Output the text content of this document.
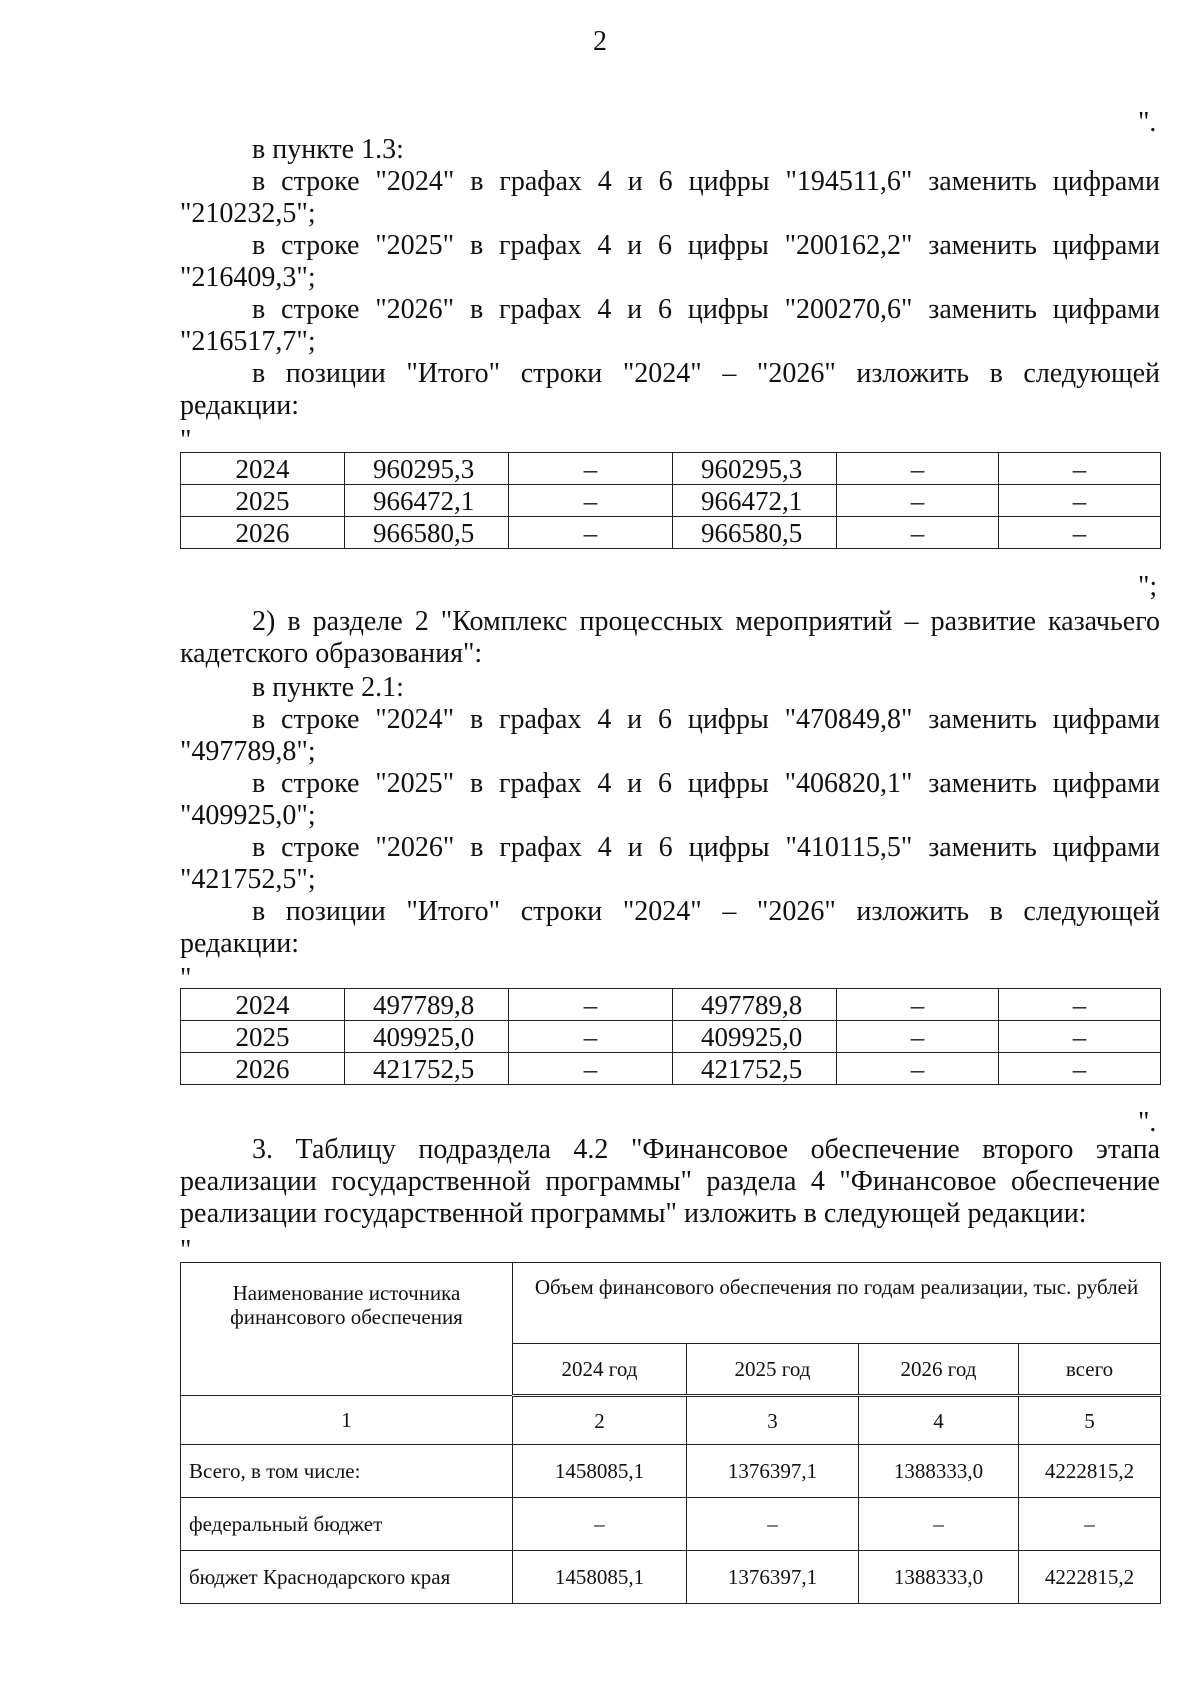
2
".
в пункте 1.3:
в строке "2024" в графах 4 и 6 цифры "194511,6" заменить цифрами
"210232,5";
в строке "2025" в графах 4 и 6 цифры "200162,2" заменить цифрами
"216409,3";
в строке "2026" в графах 4 и 6 цифры "200270,6" заменить цифрами
"216517,7";
в позиции "Итого" строки "2024" – "2026" изложить в следующей
редакции:
"
2024	960295,3	–	960295,3	–	–
2025	966472,1	–	966472,1	–	–
2026	966580,5	–	966580,5	–	–
";
2) в разделе 2 "Комплекс процессных мероприятий – развитие казачьего кадетского образования":
в пункте 2.1:
в строке "2024" в графах 4 и 6 цифры "470849,8" заменить цифрами
"497789,8";
в строке "2025" в графах 4 и 6 цифры "406820,1" заменить цифрами
"409925,0";
в строке "2026" в графах 4 и 6 цифры "410115,5" заменить цифрами
"421752,5";
в позиции "Итого" строки "2024" – "2026" изложить в следующей
редакции:
"
2024	497789,8	–	497789,8	–	–
2025	409925,0	–	409925,0	–	–
2026	421752,5	–	421752,5	–	–
".
3. Таблицу подраздела 4.2 "Финансовое обеспечение второго этапа реализации государственной программы" раздела 4 "Финансовое обеспечение реализации государственной программы" изложить в следующей редакции:
"
Наименование источника финансового обеспечения	Объем финансового обеспечения по годам реализации, тыс. рублей			
	2024 год	2025 год	2026 год	всего
1	2	3	4	5
Всего, в том числе:	1458085,1	1376397,1	1388333,0	4222815,2
федеральный бюджет	–	–	–	–
бюджет Краснодарского края	1458085,1	1376397,1	1388333,0	4222815,2
